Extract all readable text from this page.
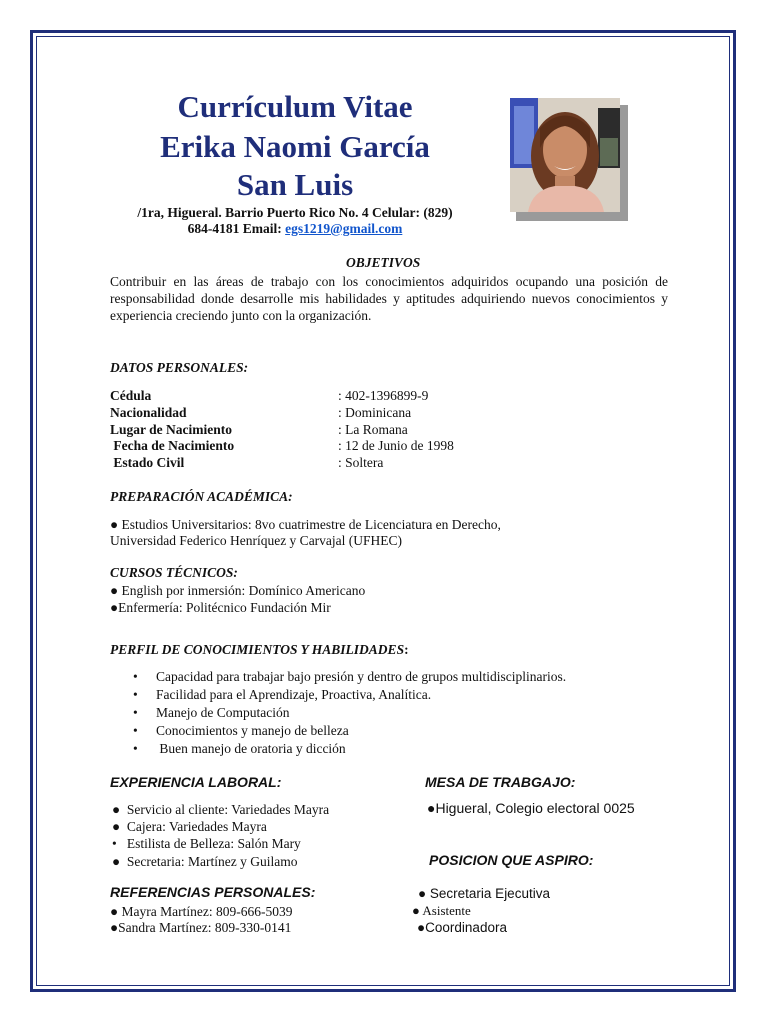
Currículum Vitae
Erika Naomi García
San Luis
/1ra, Higueral. Barrio Puerto Rico No. 4 Celular: (829)
684-4181 Email: egs1219@gmail.com
OBJETIVOS
Contribuir en las áreas de trabajo con los conocimientos adquiridos ocupando una posición de responsabilidad donde desarrolle mis habilidades y aptitudes adquiriendo nuevos conocimientos y experiencia creciendo junto con la organización.
DATOS PERSONALES:
Cédula	: 402-1396899-9
Nacionalidad	: Dominicana
Lugar de Nacimiento	: La Romana
Fecha de Nacimiento	: 12 de Junio de 1998
Estado Civil	: Soltera
PREPARACIÓN ACADÉMICA:
● Estudios Universitarios: 8vo cuatrimestre de Licenciatura en Derecho,
Universidad Federico Henríquez y Carvajal (UFHEC)
CURSOS TÉCNICOS:
● English por inmersión: Domínico Americano
●Enfermería: Politécnico Fundación Mir
PERFIL DE CONOCIMIENTOS Y HABILIDADES:
• Capacidad para trabajar bajo presión y dentro de grupos multidisciplinarios.
• Facilidad para el Aprendizaje, Proactiva, Analítica.
• Manejo de Computación
• Conocimientos y manejo de belleza
•  Buen manejo de oratoria y dicción
EXPERIENCIA LABORAL:	MESA DE TRABGAJO:
●  Servicio al cliente: Variedades Mayra
●  Cajera: Variedades Mayra
•   Estilista de Belleza: Salón Mary
●  Secretaria: Martínez y Guilamo
●Higueral, Colegio electoral 0025
POSICION QUE ASPIRO:
REFERENCIAS PERSONALES:
● Mayra Martínez: 809-666-5039
●Sandra Martínez: 809-330-0141
● Secretaria Ejecutiva
● Asistente
●Coordinadora
